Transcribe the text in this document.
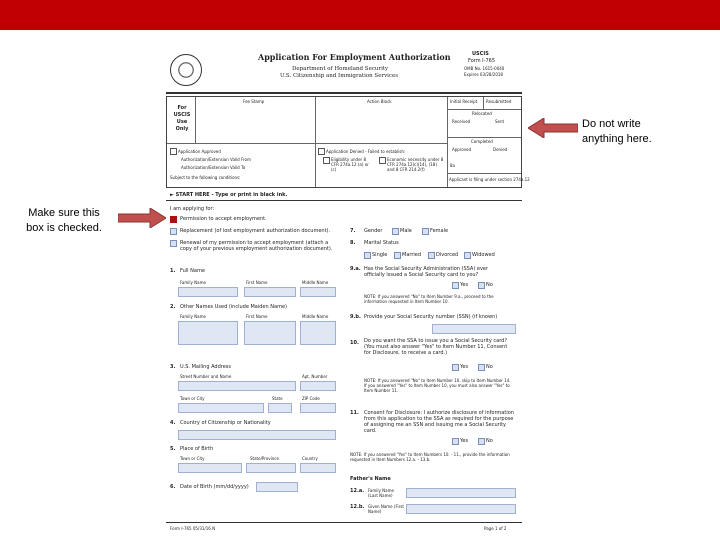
Make sure this
box is checked.
Do not write
anything here.
Application For Employment Authorization
Department of Homeland Security
U.S. Citizenship and Immigration Services
USCIS
Form I-765
OMB No. 1615-0040
Expires 03/28/2018
For
USCIS
Use
Only
Fee Stamp	Action Block	Initial Receipt Resubmitted
Relocated
Received	Sent
Completed
Approved	Denied
Application Approved
Authorization/Extension Valid From
Authorization/Extension Valid To
Subject to the following conditions:
Application Denied - Failed to establish:
Eligibility under 8 CFR 274a.12 (a) or (c)
Economic necessity under 8 CFR 274a.12(c)(14), (18) and 8 CFR 214.2(f)
8a
Applicant is filing under section 274a.12
► START HERE - Type or print in black ink.
I am applying for:
Permission to accept employment.
Replacement (of lost employment authorization document).
Renewal of my permission to accept employment (attach a copy of your previous employment authorization document).
1. Full Name
Family Name	First Name	Middle Name
2. Other Names Used (include Maiden Name)
Family Name	First Name	Middle Name
3. U.S. Mailing Address
Street Number and Name	Apt. Number
Town or City	State	ZIP Code
4. Country of Citizenship or Nationality
5. Place of Birth
Town or City	State/Province	Country
6. Date of Birth (mm/dd/yyyy)
7. Gender	Male	Female
8. Marital Status
Single	Married	Divorced	Widowed
9.a. Has the Social Security Administration (SSA) ever officially issued a Social Security card to you?
Yes	No
NOTE: If you answered "No" to Item Number 9.a., proceed to the information requested in Item Number 10.
9.b. Provide your Social Security number (SSN) (if known)
10. Do you want the SSA to issue you a Social Security card? (You must also answer "Yes" to Item Number 11, Consent for Disclosure, to receive a card.)
Yes	No
NOTE: If you answered "No" to Item Number 10, skip to Item Number 14. If you answered "Yes" to Item Number 10, you must also answer "Yes" to Item Number 11.
11. Consent for Disclosure: I authorize disclosure of information from this application to the SSA as required for the purpose of assigning me an SSN and issuing me a Social Security card.
Yes	No
NOTE: If you answered "Yes" to Item Numbers 10. - 11., provide the information requested in Item Numbers 12.a. - 13.b.
Father's Name
12.a. Family Name (Last Name)
12.b. Given Name (First Name)
Form I-765 05/31/16 N	Page 1 of 2
